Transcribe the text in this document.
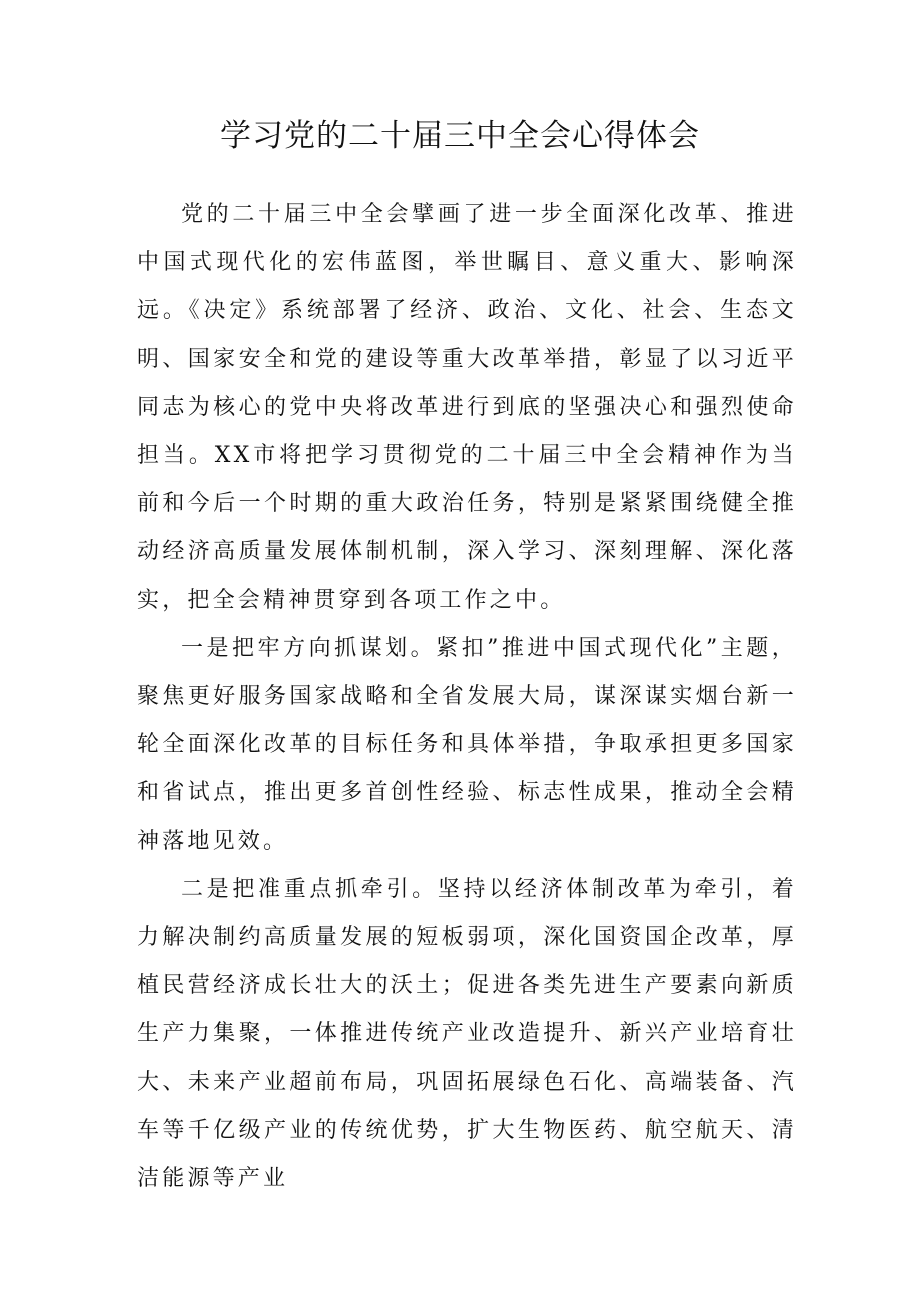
学习党的二十届三中全会心得体会

党的二十届三中全会擘画了进一步全面深化改革、推进中国式现代化的宏伟蓝图，举世瞩目、意义重大、影响深远。《决定》系统部署了经济、政治、文化、社会、生态文明、国家安全和党的建设等重大改革举措，彰显了以习近平同志为核心的党中央将改革进行到底的坚强决心和强烈使命担当。XX市将把学习贯彻党的二十届三中全会精神作为当前和今后一个时期的重大政治任务，特别是紧紧围绕健全推动经济高质量发展体制机制，深入学习、深刻理解、深化落实，把全会精神贯穿到各项工作之中。

一是把牢方向抓谋划。紧扣”推进中国式现代化”主题，聚焦更好服务国家战略和全省发展大局，谋深谋实烟台新一轮全面深化改革的目标任务和具体举措，争取承担更多国家和省试点，推出更多首创性经验、标志性成果，推动全会精神落地见效。

二是把准重点抓牵引。坚持以经济体制改革为牵引，着力解决制约高质量发展的短板弱项，深化国资国企改革，厚植民营经济成长壮大的沃土；促进各类先进生产要素向新质生产力集聚，一体推进传统产业改造提升、新兴产业培育壮大、未来产业超前布局，巩固拓展绿色石化、高端装备、汽车等千亿级产业的传统优势，扩大生物医药、航空航天、清洁能源等产业
